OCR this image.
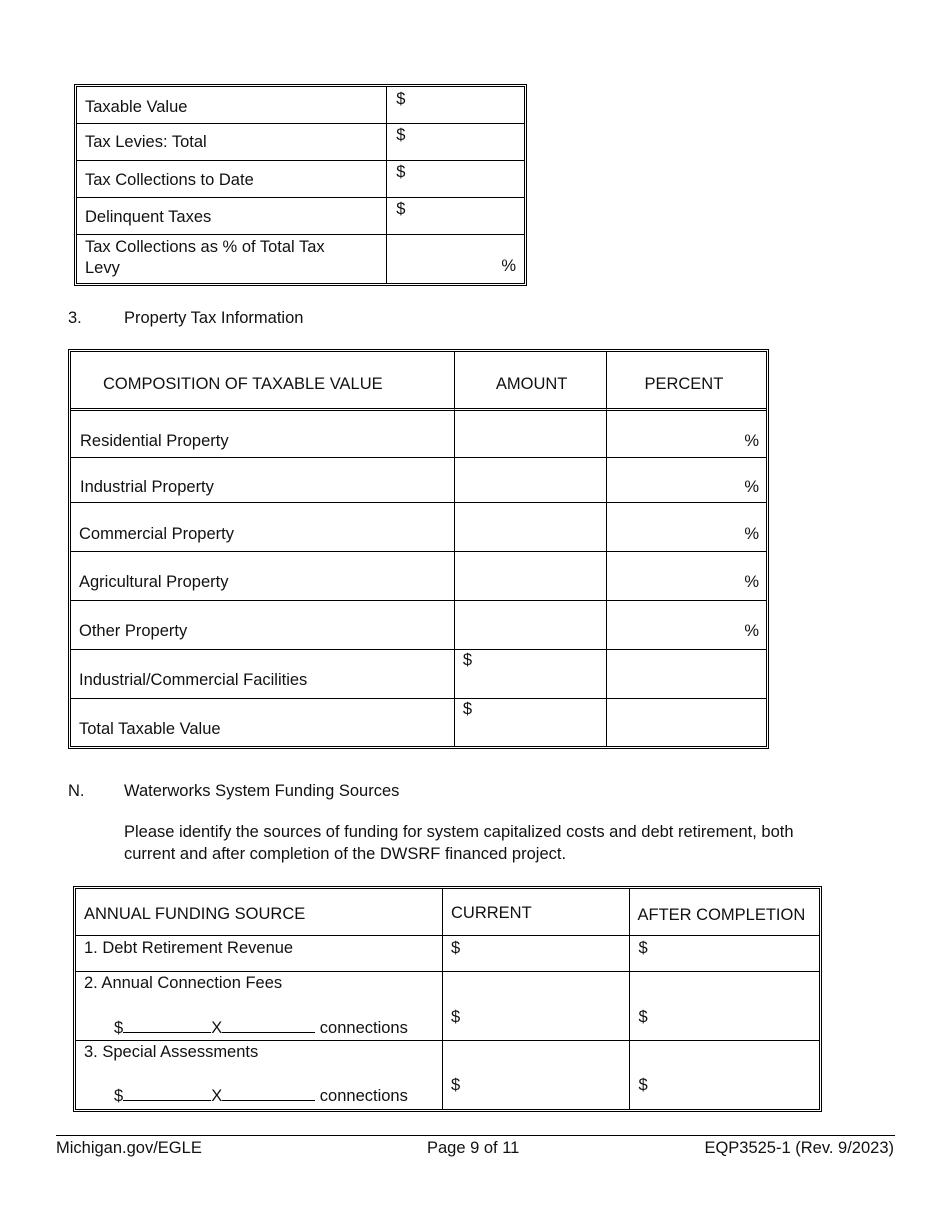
Taxable Value	$

Tax Levies: Total	$

Tax Collections to Date	$

Delinquent Taxes	$

Tax Collections as % of Total Tax
Levy	%
3.	Property Tax Information
COMPOSITION OF TAXABLE VALUE	AMOUNT	PERCENT

Residential Property		%

Industrial Property		%

Commercial Property		%

Agricultural Property		%

Other Property		%

Industrial/Commercial Facilities	$	

Total Taxable Value	$	

N. Waterworks System Funding Sources
Please identify the sources of funding for system capitalized costs and debt retirement, both
current and after completion of the DWSRF financed project.
ANNUAL FUNDING SOURCE	CURRENT	AFTER COMPLETION

1. Debt Retirement Revenue	$	$

2. Annual Connection Fees
$ X connections	$	$

3. Special Assessments
$ X connections	$	$
Michigan.gov/EGLE	Page 9 of 11	EQP3525-1 (Rev. 9/2023)
